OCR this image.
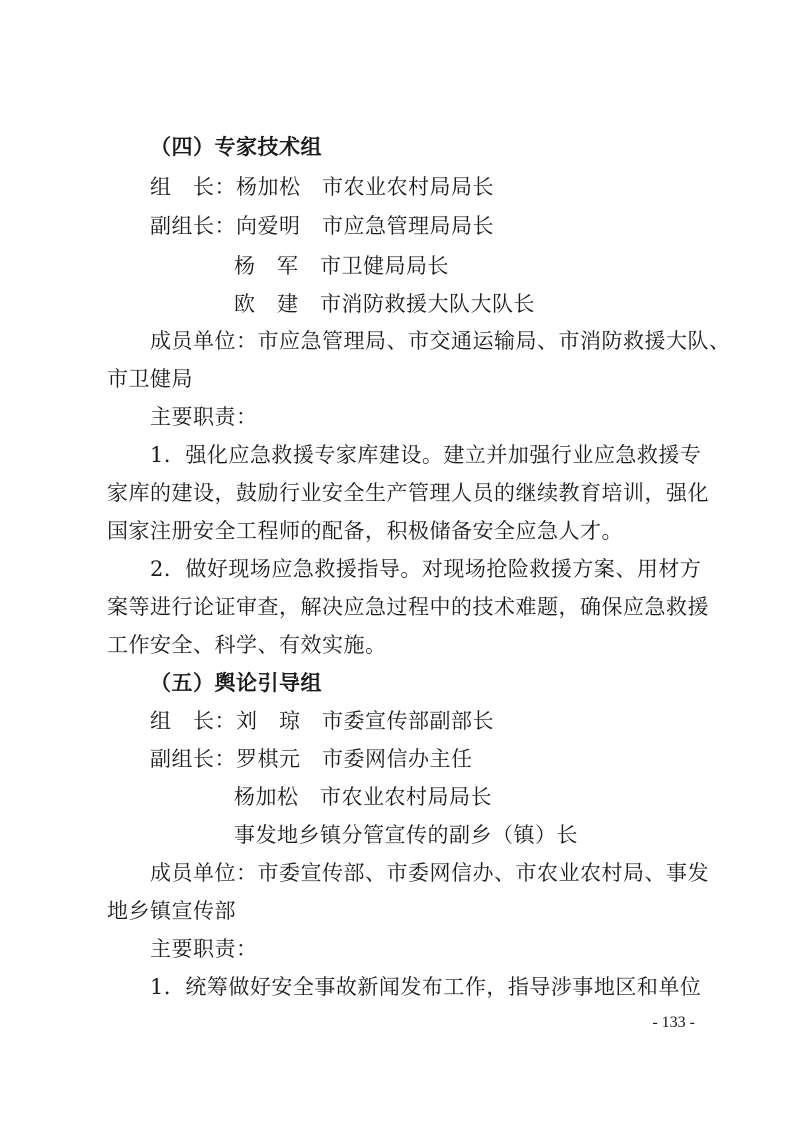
（四）专家技术组
组　长：杨加松　市农业农村局局长
副组长：向爱明　市应急管理局局长
杨　军　市卫健局局长
欧　建　市消防救援大队大队长
成员单位：市应急管理局、市交通运输局、市消防救援大队、
市卫健局
主要职责：
1．强化应急救援专家库建设。建立并加强行业应急救援专
家库的建设，鼓励行业安全生产管理人员的继续教育培训，强化
国家注册安全工程师的配备，积极储备安全应急人才。
2．做好现场应急救援指导。对现场抢险救援方案、用材方
案等进行论证审查，解决应急过程中的技术难题，确保应急救援
工作安全、科学、有效实施。
（五）舆论引导组
组　长：刘　琼　市委宣传部副部长
副组长：罗棋元　市委网信办主任
杨加松　市农业农村局局长
事发地乡镇分管宣传的副乡（镇）长
成员单位：市委宣传部、市委网信办、市农业农村局、事发
地乡镇宣传部
主要职责：
1．统筹做好安全事故新闻发布工作，指导涉事地区和单位
- 133 -
